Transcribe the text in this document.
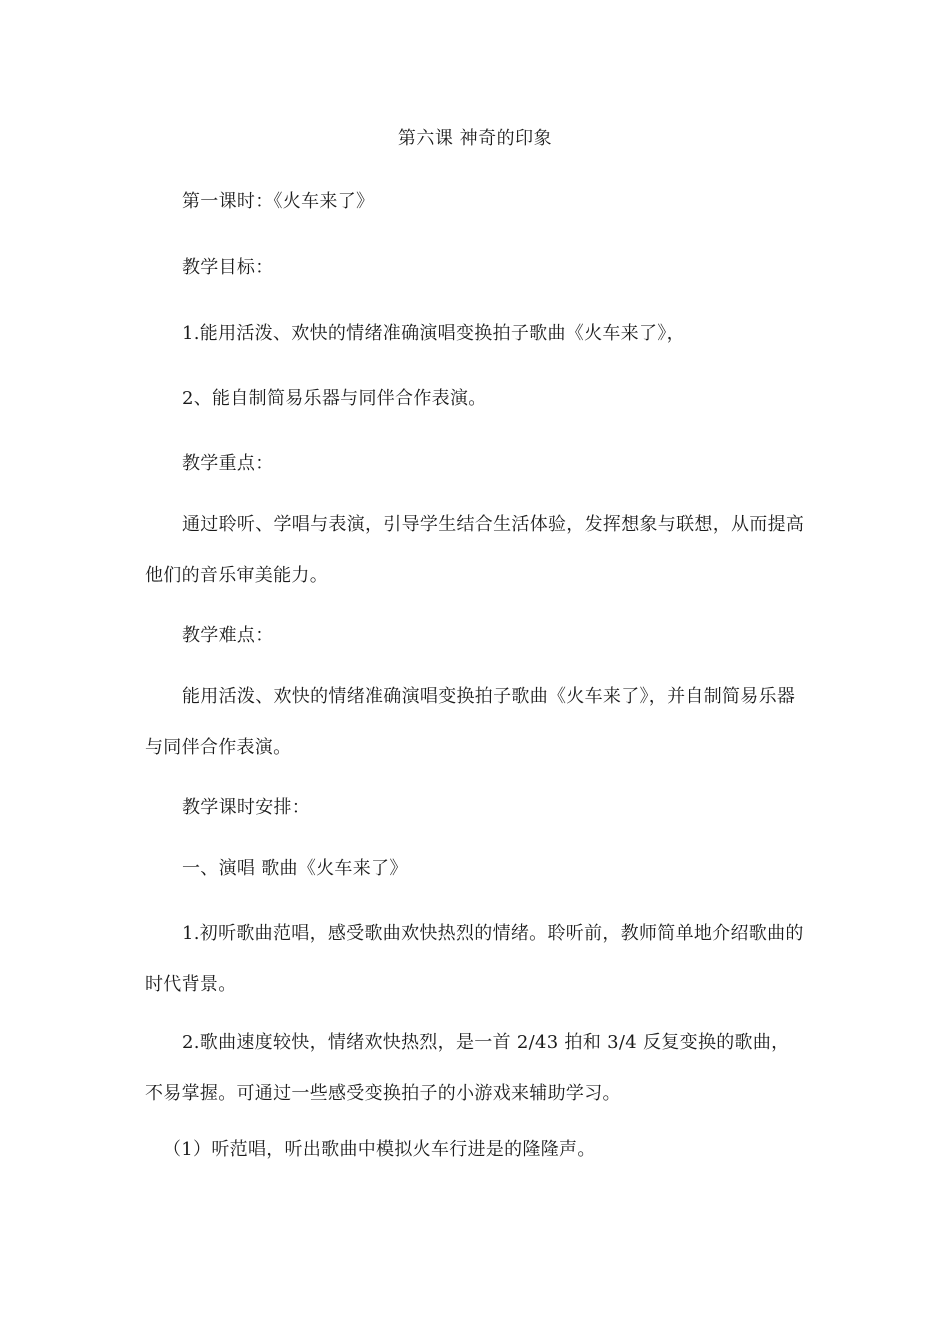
第六课 神奇的印象

第一课时：《火车来了》

教学目标：

1.能用活泼、欢快的情绪准确演唱变换拍子歌曲《火车来了》，

2、能自制简易乐器与同伴合作表演。

教学重点：

通过聆听、学唱与表演，引导学生结合生活体验，发挥想象与联想，从而提高他们的音乐审美能力。

教学难点：

能用活泼、欢快的情绪准确演唱变换拍子歌曲《火车来了》，并自制简易乐器与同伴合作表演。

教学课时安排：

一、演唱 歌曲《火车来了》

1.初听歌曲范唱，感受歌曲欢快热烈的情绪。聆听前，教师简单地介绍歌曲的时代背景。

2.歌曲速度较快，情绪欢快热烈，是一首 2/43 拍和 3/4 反复变换的歌曲，不易掌握。可通过一些感受变换拍子的小游戏来辅助学习。

（1）听范唱，听出歌曲中模拟火车行进是的隆隆声。
